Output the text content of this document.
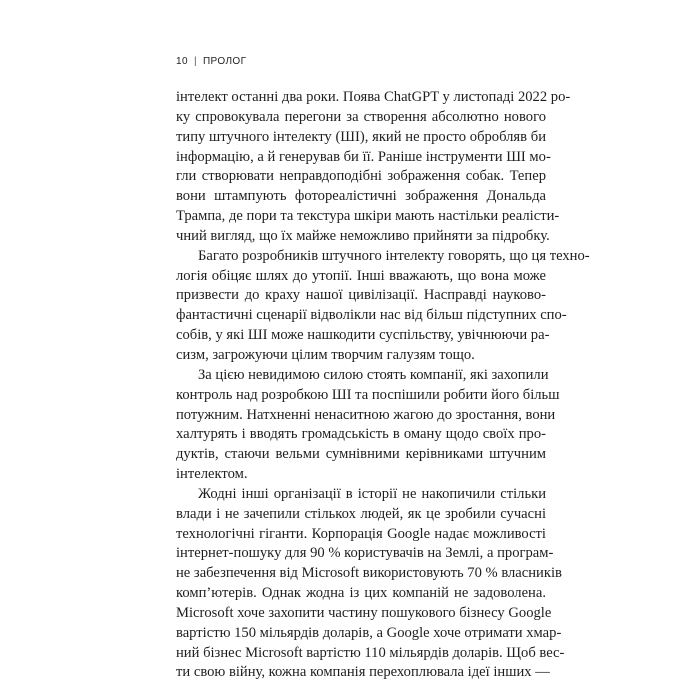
10 | ПРОЛОГ
інтелект останні два роки. Поява ChatGPT у листопаді 2022 ро-
ку спровокувала перегони за створення абсолютно нового
типу штучного інтелекту (ШІ), який не просто обробляв би
інформацію, а й генерував би її. Раніше інструменти ШІ мо-
гли створювати неправдоподібні зображення собак. Тепер
вони штампують фотореалістичні зображення Дональда
Трампа, де пори та текстура шкіри мають настільки реалісти-
чний вигляд, що їх майже неможливо прийняти за підробку.
Багато розробників штучного інтелекту говорять, що ця техно-
логія обіцяє шлях до утопії. Інші вважають, що вона може
призвести до краху нашої цивілізації. Насправді науково-
фантастичні сценарії відволікли нас від більш підступних спо-
собів, у які ШІ може нашкодити суспільству, увічнюючи ра-
сизм, загрожуючи цілим творчим галузям тощо.
За цією невидимою силою стоять компанії, які захопили
контроль над розробкою ШІ та поспішили робити його більш
потужним. Натхненні ненаситною жагою до зростання, вони
халтурять і вводять громадськість в оману щодо своїх про-
дуктів, стаючи вельми сумнівними керівниками штучним
інтелектом.
Жодні інші організації в історії не накопичили стільки
влади і не зачепили стількох людей, як це зробили сучасні
технологічні гіганти. Корпорація Google надає можливості
інтернет-пошуку для 90 % користувачів на Землі, а програм-
не забезпечення від Microsoft використовують 70 % власників
комп’ютерів. Однак жодна із цих компаній не задоволена.
Microsoft хоче захопити частину пошукового бізнесу Google
вартістю 150 мільярдів доларів, а Google хоче отримати хмар-
ний бізнес Microsoft вартістю 110 мільярдів доларів. Щоб вес-
ти свою війну, кожна компанія перехоплювала ідеї інших —
